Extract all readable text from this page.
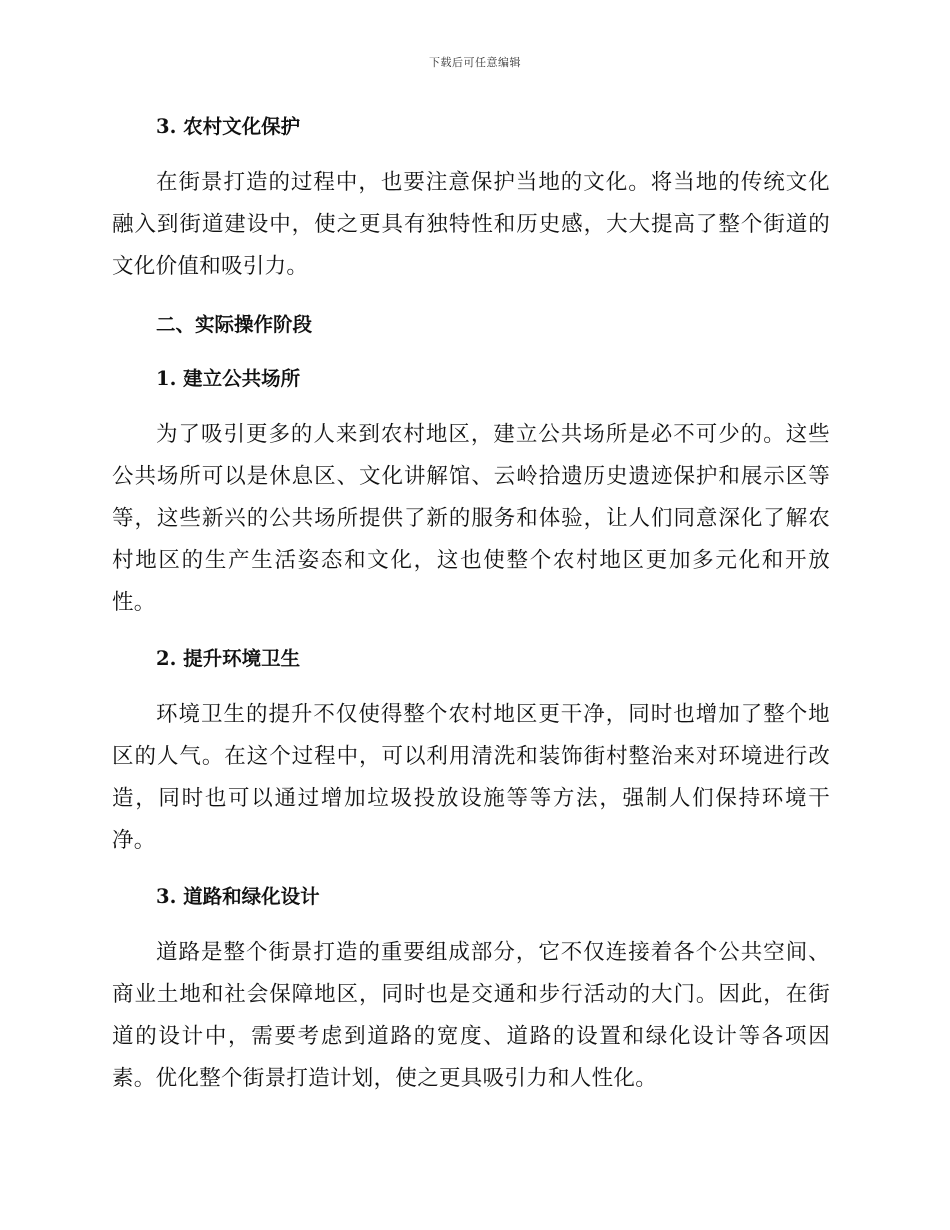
下载后可任意编辑
3. 农村文化保护

在街景打造的过程中，也要注意保护当地的文化。将当地的传统文化融入到街道建设中，使之更具有独特性和历史感，大大提高了整个街道的文化价值和吸引力。

二、实际操作阶段
1. 建立公共场所

为了吸引更多的人来到农村地区，建立公共场所是必不可少的。这些公共场所可以是休息区、文化讲解馆、云岭拾遗历史遗迹保护和展示区等等，这些新兴的公共场所提供了新的服务和体验，让人们同意深化了解农村地区的生产生活姿态和文化，这也使整个农村地区更加多元化和开放性。

2. 提升环境卫生

环境卫生的提升不仅使得整个农村地区更干净，同时也增加了整个地区的人气。在这个过程中，可以利用清洗和装饰街村整治来对环境进行改造，同时也可以通过增加垃圾投放设施等等方法，强制人们保持环境干净。

3. 道路和绿化设计

道路是整个街景打造的重要组成部分，它不仅连接着各个公共空间、商业土地和社会保障地区，同时也是交通和步行活动的大门。因此，在街道的设计中，需要考虑到道路的宽度、道路的设置和绿化设计等各项因素。优化整个街景打造计划，使之更具吸引力和人性化。
